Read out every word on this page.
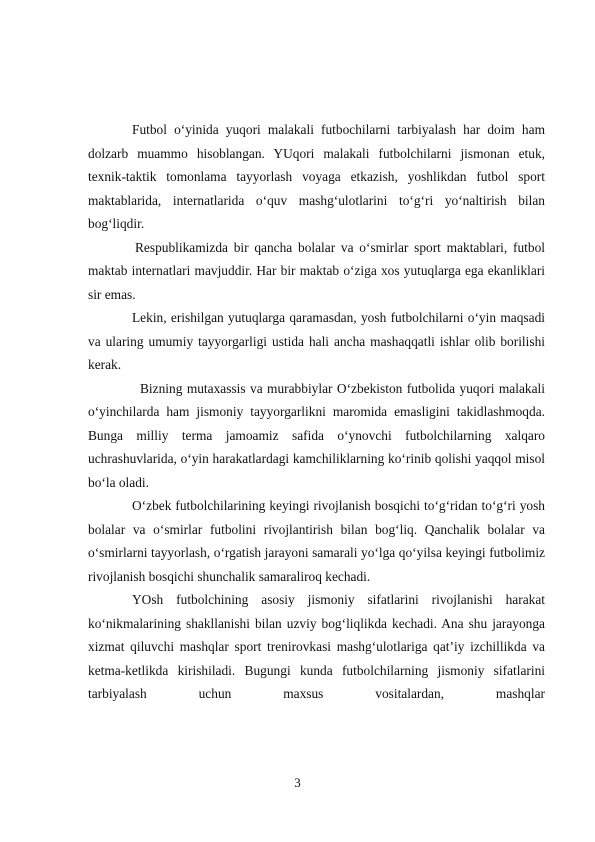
Futbol o‘yinida yuqori malakali futbochilarni tarbiyalash har doim ham dolzarb muammo hisoblangan. YUqori malakali futbolchilarni jismonan etuk, texnik-taktik tomonlama tayyorlash voyaga etkazish, yoshlikdan futbol sport maktablarida, internatlarida o‘quv mashg‘ulotlarini to‘g‘ri yo‘naltirish bilan bog‘liqdir.

Respublikamizda bir qancha bolalar va o‘smirlar sport maktablari, futbol maktab internatlari mavjuddir. Har bir maktab o‘ziga xos yutuqlarga ega ekanliklari sir emas.

Lekin, erishilgan yutuqlarga qaramasdan, yosh futbolchilarni o‘yin maqsadi va ularing umumiy tayyorgarligi ustida hali ancha mashaqqatli ishlar olib borilishi kerak.

Bizning mutaxassis va murabbiylar O‘zbekiston futbolida yuqori malakali o‘yinchilarda ham jismoniy tayyorgarlikni maromida emasligini takidlashmoqda. Bunga milliy terma jamoamiz safida o‘ynovchi futbolchilarning xalqaro uchrashuvlarida, o‘yin harakatlardagi kamchiliklarning ko‘rinib qolishi yaqqol misol bo‘la oladi.

O‘zbek futbolchilarining keyingi rivojlanish bosqichi to‘g‘ridan to‘g‘ri yosh bolalar va o‘smirlar futbolini rivojlantirish bilan bog‘liq. Qanchalik bolalar va o‘smirlarni tayyorlash, o‘rgatish jarayoni samarali yo‘lga qo‘yilsa keyingi futbolimiz rivojlanish bosqichi shunchalik samaraliroq kechadi.

YOsh futbolchining asosiy jismoniy sifatlarini rivojlanishi harakat ko‘nikmalarining shakllanishi bilan uzviy bog‘liqlikda kechadi. Ana shu jarayonga xizmat qiluvchi mashqlar sport trenirovkasi mashg‘ulotlariga qat’iy izchillikda va ketma-ketlikda kirishiladi. Bugungi kunda futbolchilarning jismoniy sifatlarini tarbiyalash uchun maxsus vositalardan, mashqlar

3
